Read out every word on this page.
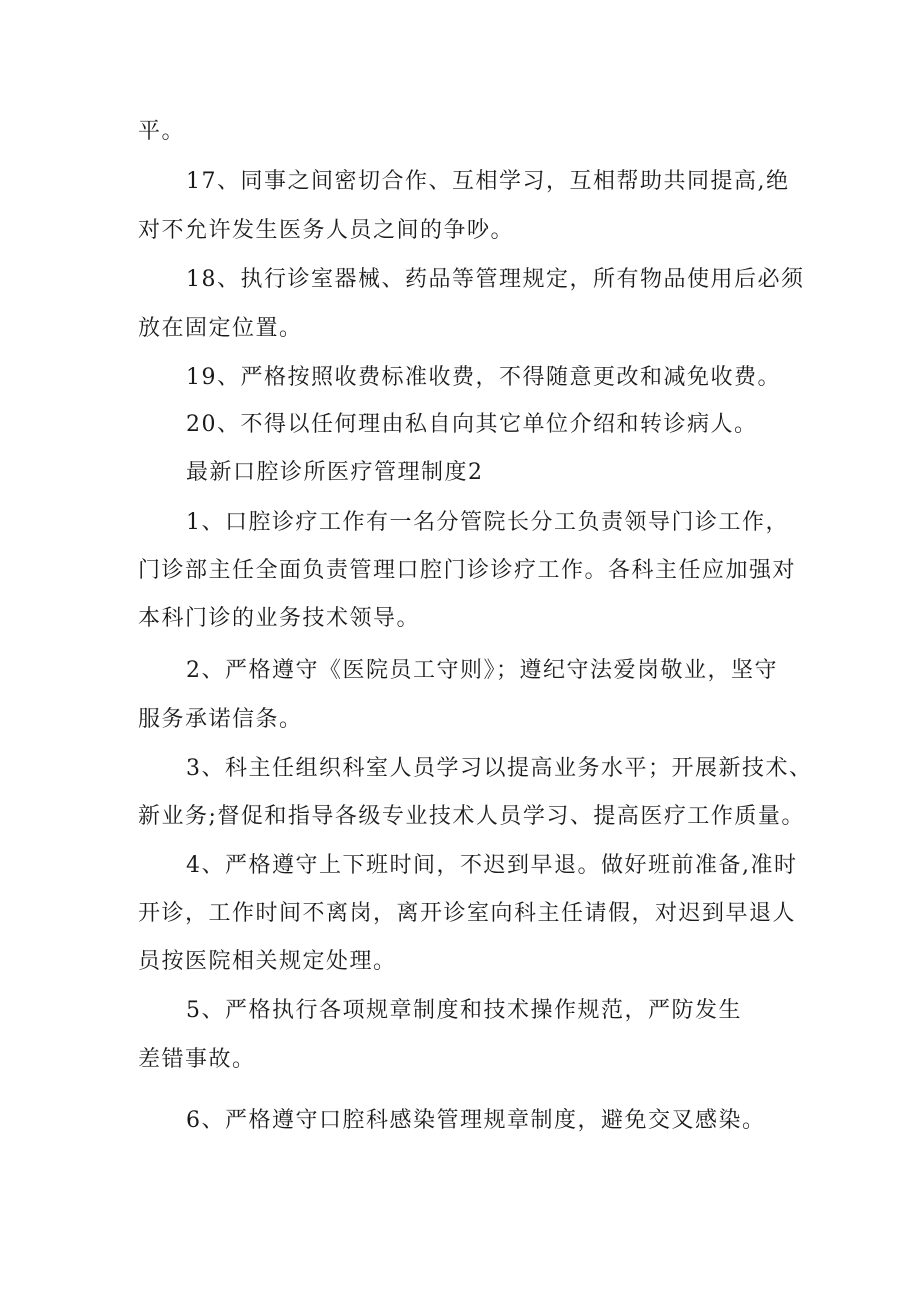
平。
17、同事之间密切合作、互相学习，互相帮助共同提高,绝
对不允许发生医务人员之间的争吵。
18、执行诊室器械、药品等管理规定，所有物品使用后必须
放在固定位置。
19、严格按照收费标准收费，不得随意更改和减免收费。
20、不得以任何理由私自向其它单位介绍和转诊病人。
最新口腔诊所医疗管理制度2
1、口腔诊疗工作有一名分管院长分工负责领导门诊工作，
门诊部主任全面负责管理口腔门诊诊疗工作。各科主任应加强对
本科门诊的业务技术领导。
2、严格遵守《医院员工守则》；遵纪守法爱岗敬业，坚守
服务承诺信条。
3、科主任组织科室人员学习以提高业务水平；开展新技术、
新业务;督促和指导各级专业技术人员学习、提高医疗工作质量。
4、严格遵守上下班时间，不迟到早退。做好班前准备,准时
开诊，工作时间不离岗，离开诊室向科主任请假，对迟到早退人
员按医院相关规定处理。
5、严格执行各项规章制度和技术操作规范，严防发生
差错事故。
6、严格遵守口腔科感染管理规章制度，避免交叉感染。
